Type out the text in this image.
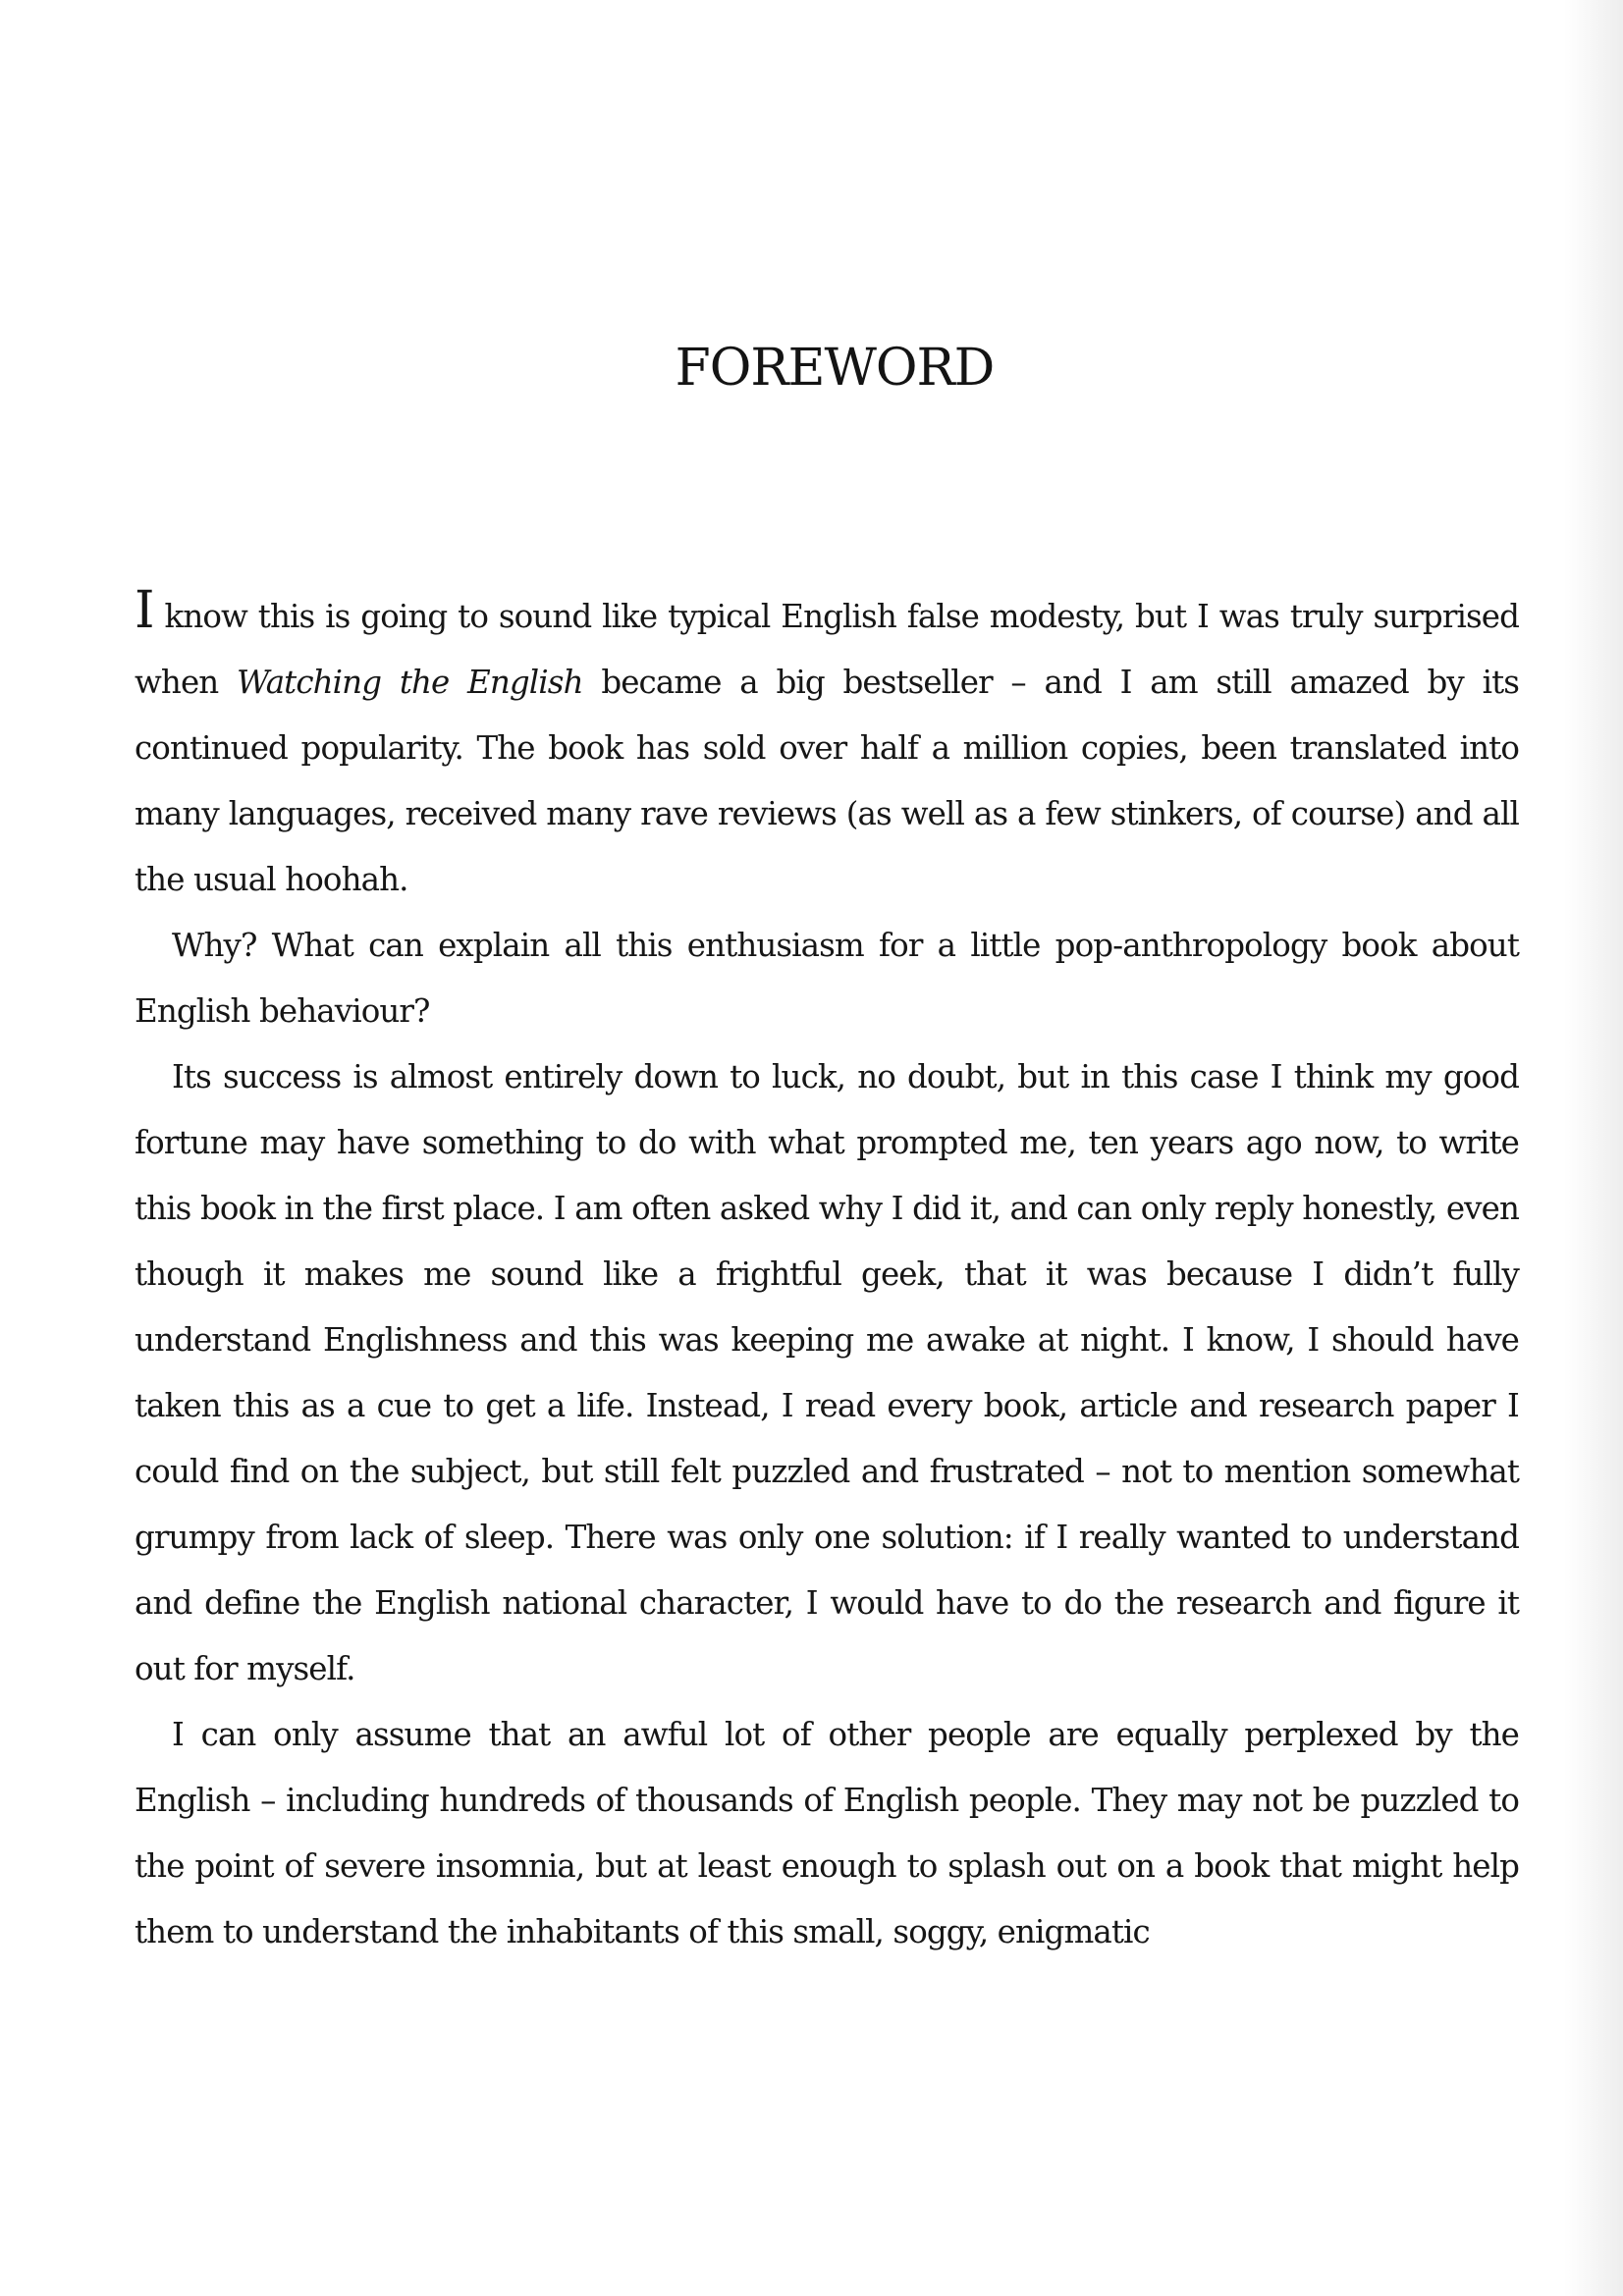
FOREWORD

I know this is going to sound like typical English false modesty, but I was truly surprised when Watching the English became a big bestseller – and I am still amazed by its continued popularity. The book has sold over half a million copies, been translated into many languages, received many rave reviews (as well as a few stinkers, of course) and all the usual hoohah.

Why? What can explain all this enthusiasm for a little pop-anthropology book about English behaviour?

Its success is almost entirely down to luck, no doubt, but in this case I think my good fortune may have something to do with what prompted me, ten years ago now, to write this book in the first place. I am often asked why I did it, and can only reply honestly, even though it makes me sound like a frightful geek, that it was because I didn’t fully understand Englishness and this was keeping me awake at night. I know, I should have taken this as a cue to get a life. Instead, I read every book, article and research paper I could find on the subject, but still felt puzzled and frustrated – not to mention somewhat grumpy from lack of sleep. There was only one solution: if I really wanted to understand and define the English national character, I would have to do the research and figure it out for myself.

I can only assume that an awful lot of other people are equally perplexed by the English – including hundreds of thousands of English people. They may not be puzzled to the point of severe insomnia, but at least enough to splash out on a book that might help them to understand the inhabitants of this small, soggy, enigmatic
